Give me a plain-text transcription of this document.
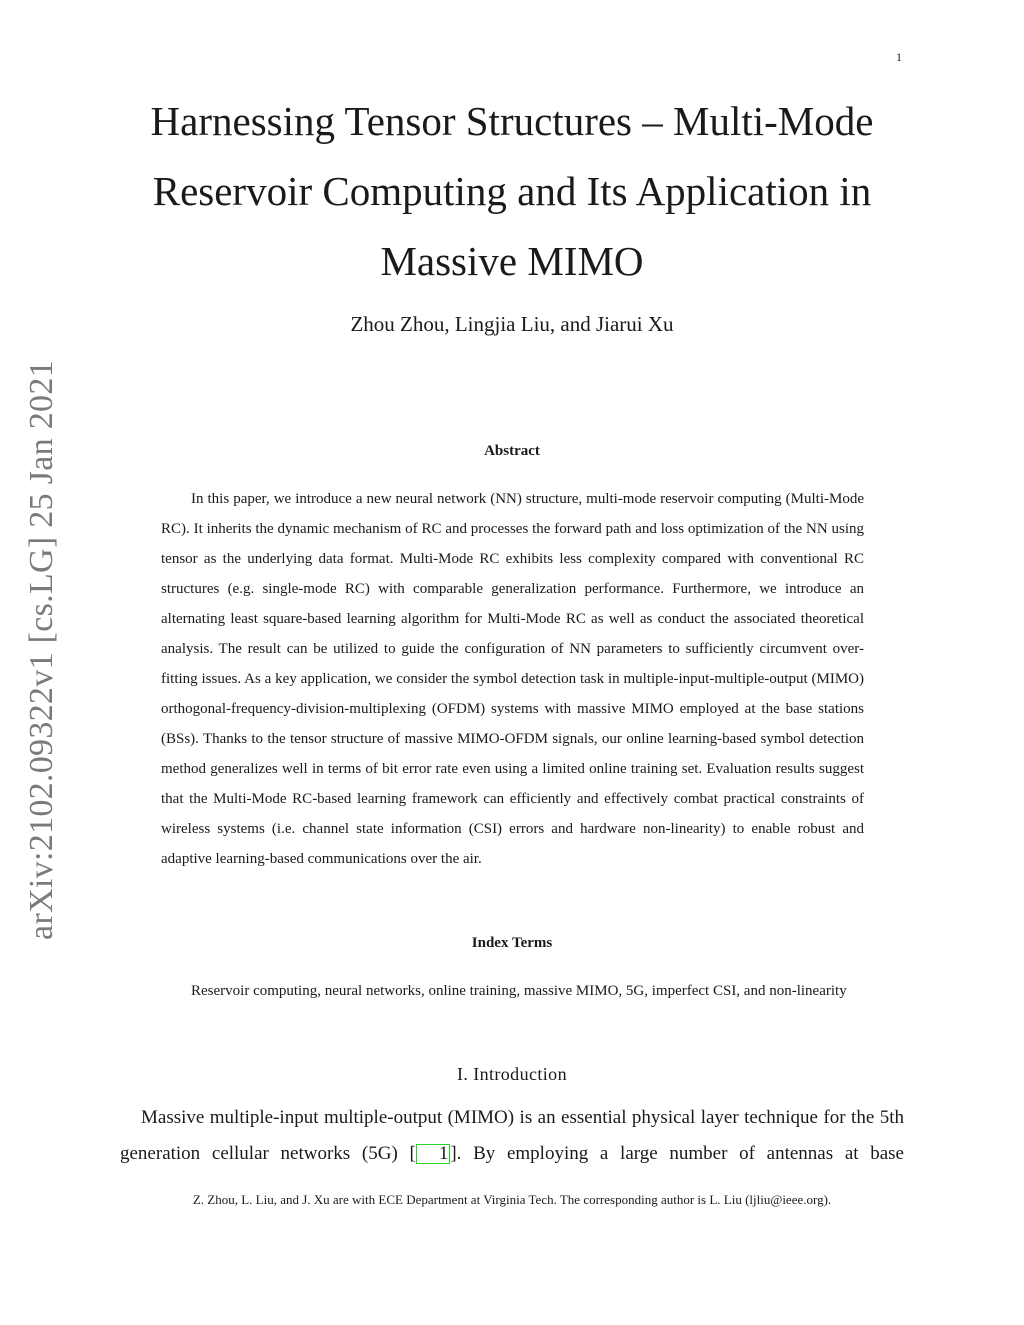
1
arXiv:2102.09322v1 [cs.LG] 25 Jan 2021
Harnessing Tensor Structures – Multi-Mode Reservoir Computing and Its Application in Massive MIMO
Zhou Zhou, Lingjia Liu, and Jiarui Xu
Abstract

In this paper, we introduce a new neural network (NN) structure, multi-mode reservoir computing (Multi-Mode RC). It inherits the dynamic mechanism of RC and processes the forward path and loss optimization of the NN using tensor as the underlying data format. Multi-Mode RC exhibits less complexity compared with conventional RC structures (e.g. single-mode RC) with comparable generalization performance. Furthermore, we introduce an alternating least square-based learning algorithm for Multi-Mode RC as well as conduct the associated theoretical analysis. The result can be utilized to guide the configuration of NN parameters to sufficiently circumvent over-fitting issues. As a key application, we consider the symbol detection task in multiple-input-multiple-output (MIMO) orthogonal-frequency-division-multiplexing (OFDM) systems with massive MIMO employed at the base stations (BSs). Thanks to the tensor structure of massive MIMO-OFDM signals, our online learning-based symbol detection method generalizes well in terms of bit error rate even using a limited online training set. Evaluation results suggest that the Multi-Mode RC-based learning framework can efficiently and effectively combat practical constraints of wireless systems (i.e. channel state information (CSI) errors and hardware non-linearity) to enable robust and adaptive learning-based communications over the air.

Index Terms

Reservoir computing, neural networks, online training, massive MIMO, 5G, imperfect CSI, and non-linearity

I. Introduction

Massive multiple-input multiple-output (MIMO) is an essential physical layer technique for the 5th generation cellular networks (5G) [ 1 ]. By employing a large number of antennas at base

Z. Zhou, L. Liu, and J. Xu are with ECE Department at Virginia Tech. The corresponding author is L. Liu (ljliu@ieee.org).
